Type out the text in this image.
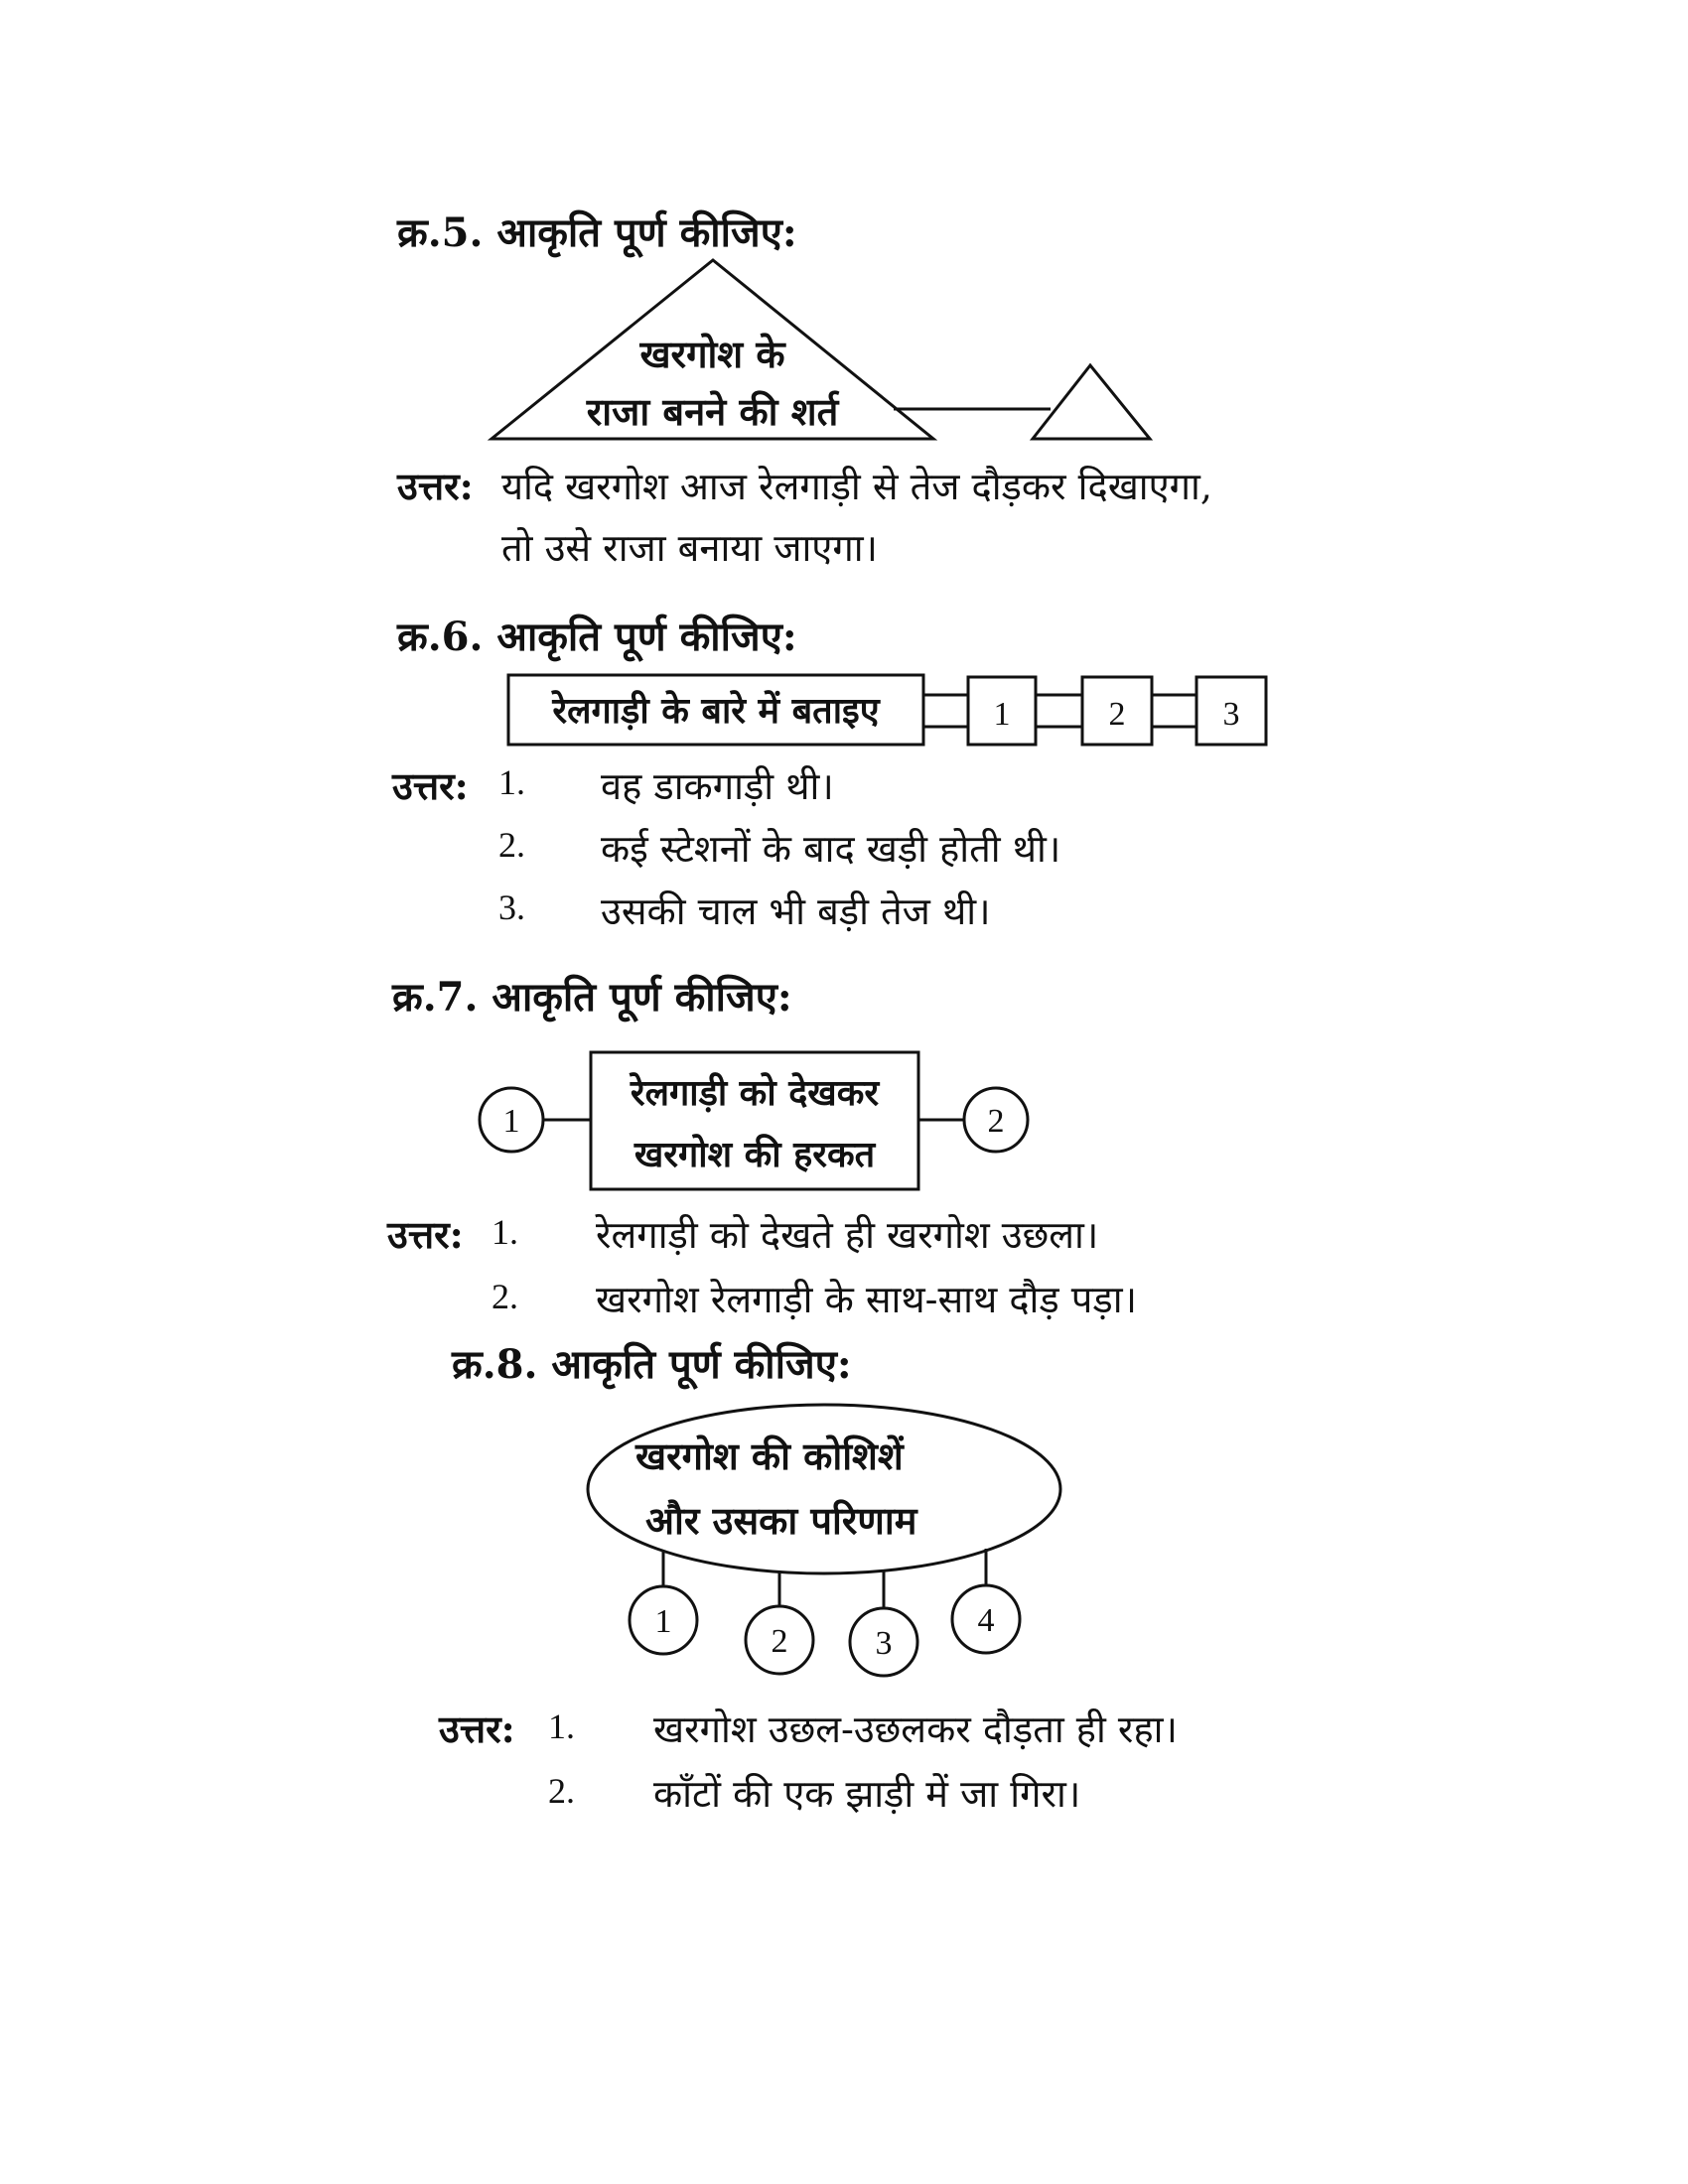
क्र.5. आकृति पूर्ण कीजिए:
खरगोश के
राजा बनने की शर्त
उत्तर: यदि खरगोश आज रेलगाड़ी से तेज दौड़कर दिखाएगा,
तो उसे राजा बनाया जाएगा।
क्र.6. आकृति पूर्ण कीजिए:
1	2	3
रेलगाड़ी के बारे में बताइए
उत्तर: 1. वह डाकगाड़ी थी।
2. कई स्टेशनों के बाद खड़ी होती थी।
3. उसकी चाल भी बड़ी तेज थी।
क्र.7. आकृति पूर्ण कीजिए:
1	2
रेलगाड़ी को देखकर
खरगोश की हरकत
उत्तर: 1. रेलगाड़ी को देखते ही खरगोश उछला।
2. खरगोश रेलगाड़ी के साथ-साथ दौड़ पड़ा।
क्र.8. आकृति पूर्ण कीजिए:
1
2	3
4
खरगोश की कोशिशें
और उसका परिणाम
उत्तर: 1. खरगोश उछल-उछलकर दौड़ता ही रहा।
2. काँटों की एक झाड़ी में जा गिरा।
